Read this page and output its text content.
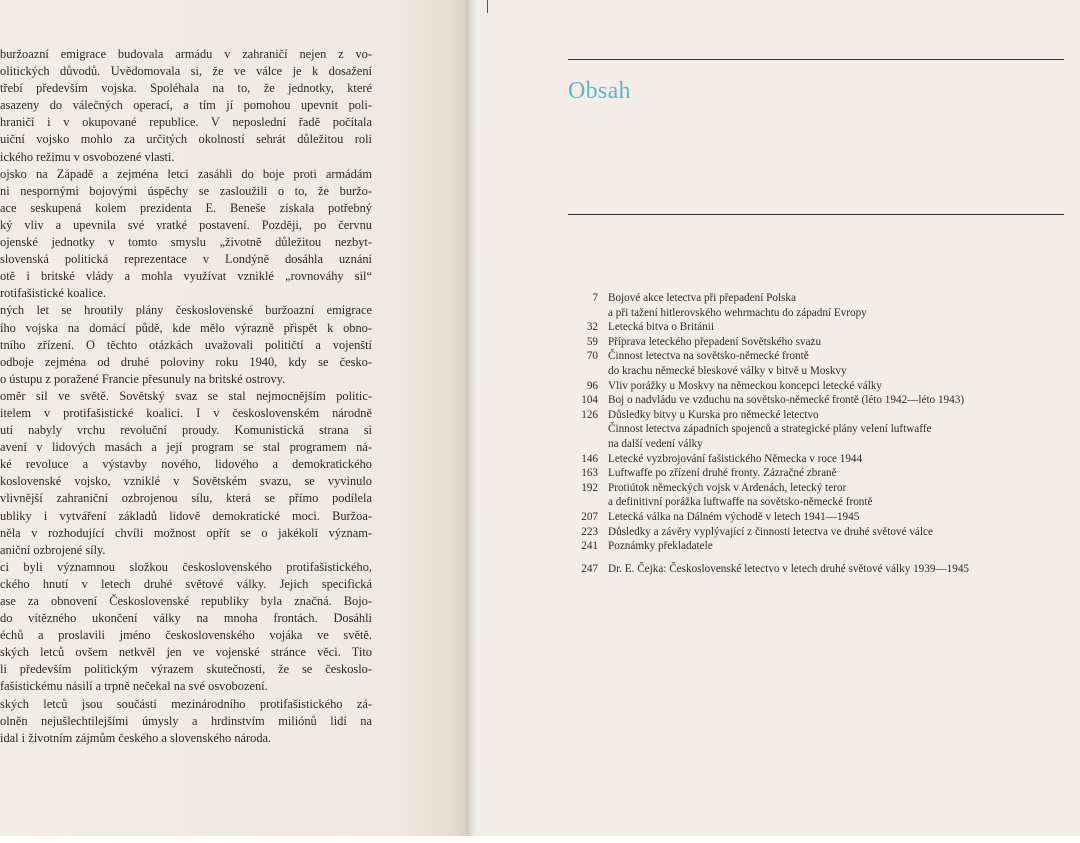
buržoazní emigrace budovala armádu v zahraničí nejen z vo-
olitických důvodů. Uvědomovala si, že ve válce je k dosažení
třebí především vojska. Spoléhala na to, že jednotky, které
asazeny do válečných operací, a tím jí pomohou upevnit poli-
hraničí i v okupované republice. V neposlední řadě počítala
uiční vojsko mohlo za určitých okolností sehrát důležitou roli
ického režimu v osvobozené vlasti.
ojsko na Západě a zejména letci zasáhli do boje proti armádám
ni nespornými bojovými úspěchy se zasloužili o to, že buržo-
ace seskupená kolem prezidenta E. Beneše získala potřebný
ký vliv a upevnila své vratké postavení. Později, po červnu
ojenské jednotky v tomto smyslu „životně důležitou nezbyt-
slovenská politická reprezentace v Londýně dosáhla uznání
otě i britské vlády a mohla využívat vzniklé „rovnováhy sil“
rotifašistické koalice.
ných let se hroutily plány československé buržoazní emigrace
ího vojska na domácí půdě, kde mělo výrazně přispět k obno-
tního zřízení. O těchto otázkách uvažovali političtí a vojenští
odboje zejména od druhé poloviny roku 1940, kdy se česko-
o ústupu z poražené Francie přesunuly na britské ostrovy.
oměr sil ve světě. Sovětský svaz se stal nejmocnějším politic-
itelem v protifašistické koalici. I v československém národně
utí nabyly vrchu revoluční proudy. Komunistická strana si
avení v lidových masách a její program se stal programem ná-
ké revoluce a výstavby nového, lidového a demokratického
koslovenské vojsko, vzniklé v Sovětském svazu, se vyvinulo
vlivnější zahraniční ozbrojenou sílu, která se přímo podílela
ubliky i vytváření základů lidově demokratické moci. Buržoa-
něla v rozhodující chvíli možnost opřít se o jakékoli význam-
aniční ozbrojené síly.
ci byli významnou složkou československého protifašistického,
ckého hnutí v letech druhé světové války. Jejich specifická
ase za obnovení Československé republiky byla značná. Bojo-
do vítězného ukončení války na mnoha frontách. Dosáhli
échů a proslavili jméno československého vojáka ve světě.
ských letců ovšem netkvěl jen ve vojenské stránce věci. Tito
li především politickým výrazem skutečnosti, že se českoslo-
fašistickému násilí a trpně nečekal na své osvobození.
ských letců jsou součástí mezinárodního protifašistického zá-
olněn nejušlechtilejšími úmysly a hrdinstvím miliónů lidí na
idal i životním zájmům českého a slovenského národa.
Obsah
7 Bojové akce letectva při přepadení Polska
a při tažení hitlerovského wehrmachtu do západní Evropy
32 Letecká bitva o Británii
59 Příprava leteckého přepadení Sovětského svazu
70 Činnost letectva na sovětsko-německé frontě
do krachu německé bleskové války v bitvě u Moskvy
96 Vliv porážky u Moskvy na německou koncepci letecké války
104 Boj o nadvládu ve vzduchu na sovětsko-německé frontě (léto 1942—léto 1943)
126 Důsledky bitvy u Kurska pro německé letectvo
Činnost letectva západních spojenců a strategické plány velení luftwaffe
na další vedení války
146 Letecké vyzbrojování fašistického Německa v roce 1944
163 Luftwaffe po zřízení druhé fronty. Zázračné zbraně
192 Protiútok německých vojsk v Ardenách, letecký teror
a definitivní porážka luftwaffe na sovětsko-německé frontě
207 Letecká válka na Dálném východě v letech 1941—1945
223 Důsledky a závěry vyplývající z činnosti letectva ve druhé světové válce
241 Poznámky překladatele
247 Dr. E. Čejka: Československé letectvo v letech druhé světové války 1939—1945
